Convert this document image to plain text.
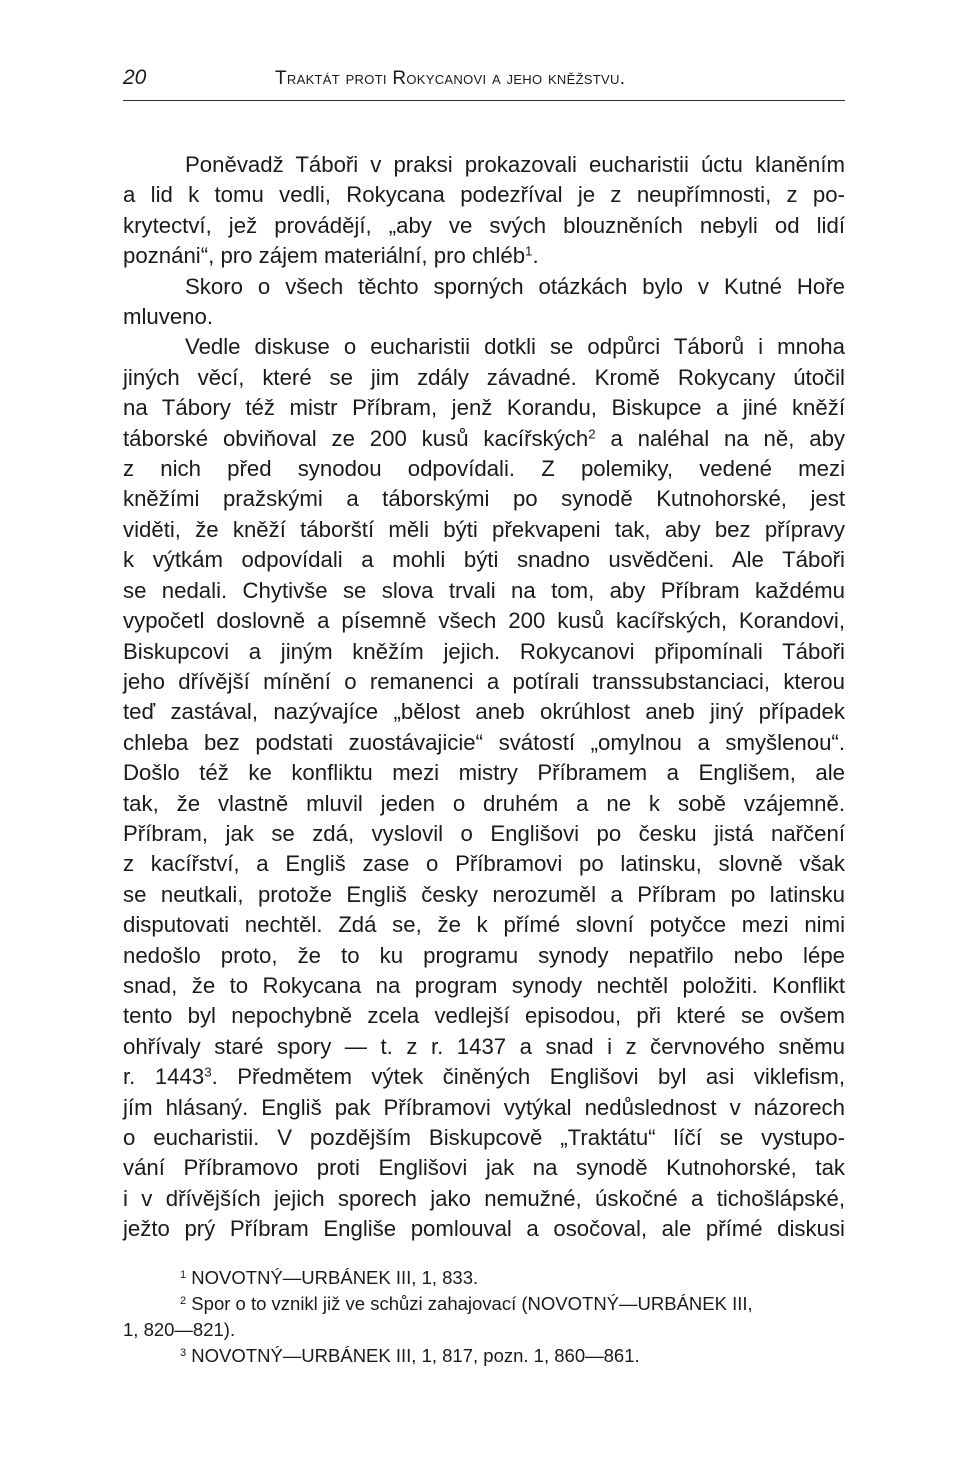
20	Traktát proti Rokycanovi a jeho kněžstvu.

Poněvadž Táboři v praksi prokazovali eucharistii úctu klaněním
a lid k tomu vedli, Rokycana podezříval je z neupřímnosti, z po-
krytectví, jež provádějí, „aby ve svých blouzněních nebyli od lidí
poznáni“, pro zájem materiální, pro chléb$^1$.

Skoro o všech těchto sporných otázkách bylo v Kutné Hoře
mluveno.

Vedle diskuse o eucharistii dotkli se odpůrci Táborů i mnoha
jiných věcí, které se jim zdály závadné. Kromě Rokycany útočil
na Tábory též mistr Příbram, jenž Korandu, Biskupce a jiné kněží
táborské obviňoval ze 200 kusů kacířských$^2$ a naléhal na ně, aby
z nich před synodou odpovídali. Z polemiky, vedené mezi
kněžími pražskými a táborskými po synodě Kutnohorské, jest
viděti, že kněží táborští měli býti překvapeni tak, aby bez přípravy
k výtkám odpovídali a mohli býti snadno usvědčeni. Ale Táboři
se nedali. Chytivše se slova trvali na tom, aby Příbram každému
vypočetl doslovně a písemně všech 200 kusů kacířských, Korandovi,
Biskupcovi a jiným kněžím jejich. Rokycanovi připomínali Táboři
jeho dřívější mínění o remanenci a potírali transsubstanciaci, kterou
teď zastával, nazývajíce „bělost aneb okrúhlost aneb jiný případek
chleba bez podstati zuostávajicie“ svátostí „omylnou a smyšlenou“.
Došlo též ke konfliktu mezi mistry Příbramem a Englišem, ale
tak, že vlastně mluvil jeden o druhém a ne k sobě vzájemně.
Příbram, jak se zdá, vyslovil o Englišovi po česku jistá nařčení
z kacířství, a Engliš zase o Příbramovi po latinsku, slovně však
se neutkali, protože Engliš česky nerozuměl a Příbram po latinsku
disputovati nechtěl. Zdá se, že k přímé slovní potyčce mezi nimi
nedošlo proto, že to ku programu synody nepatřilo nebo lépe
snad, že to Rokycana na program synody nechtěl položiti. Konflikt
tento byl nepochybně zcela vedlejší episodou, při které se ovšem
ohřívaly staré spory — t. z r. 1437 a snad i z červnového sněmu
r. 1443$^3$. Předmětem výtek činěných Englišovi byl asi viklefism,
jím hlásaný. Engliš pak Příbramovi vytýkal nedůslednost v názorech
o eucharistii. V pozdějším Biskupcově „Traktátu“ líčí se vystupo-
vání Příbramovo proti Englišovi jak na synodě Kutnohorské, tak
i v dřívějších jejich sporech jako nemužné, úskočné a tichošlápské,
ježto prý Příbram Engliše pomlouval a osočoval, ale přímé diskusi

$^1$ NOVOTNÝ—URBÁNEK III, 1, 833.
$^2$ Spor o to vznikl již ve schůzi zahajovací (NOVOTNÝ—URBÁNEK III,
1, 820—821).
$^3$ NOVOTNÝ—URBÁNEK III, 1, 817, pozn. 1, 860—861.
